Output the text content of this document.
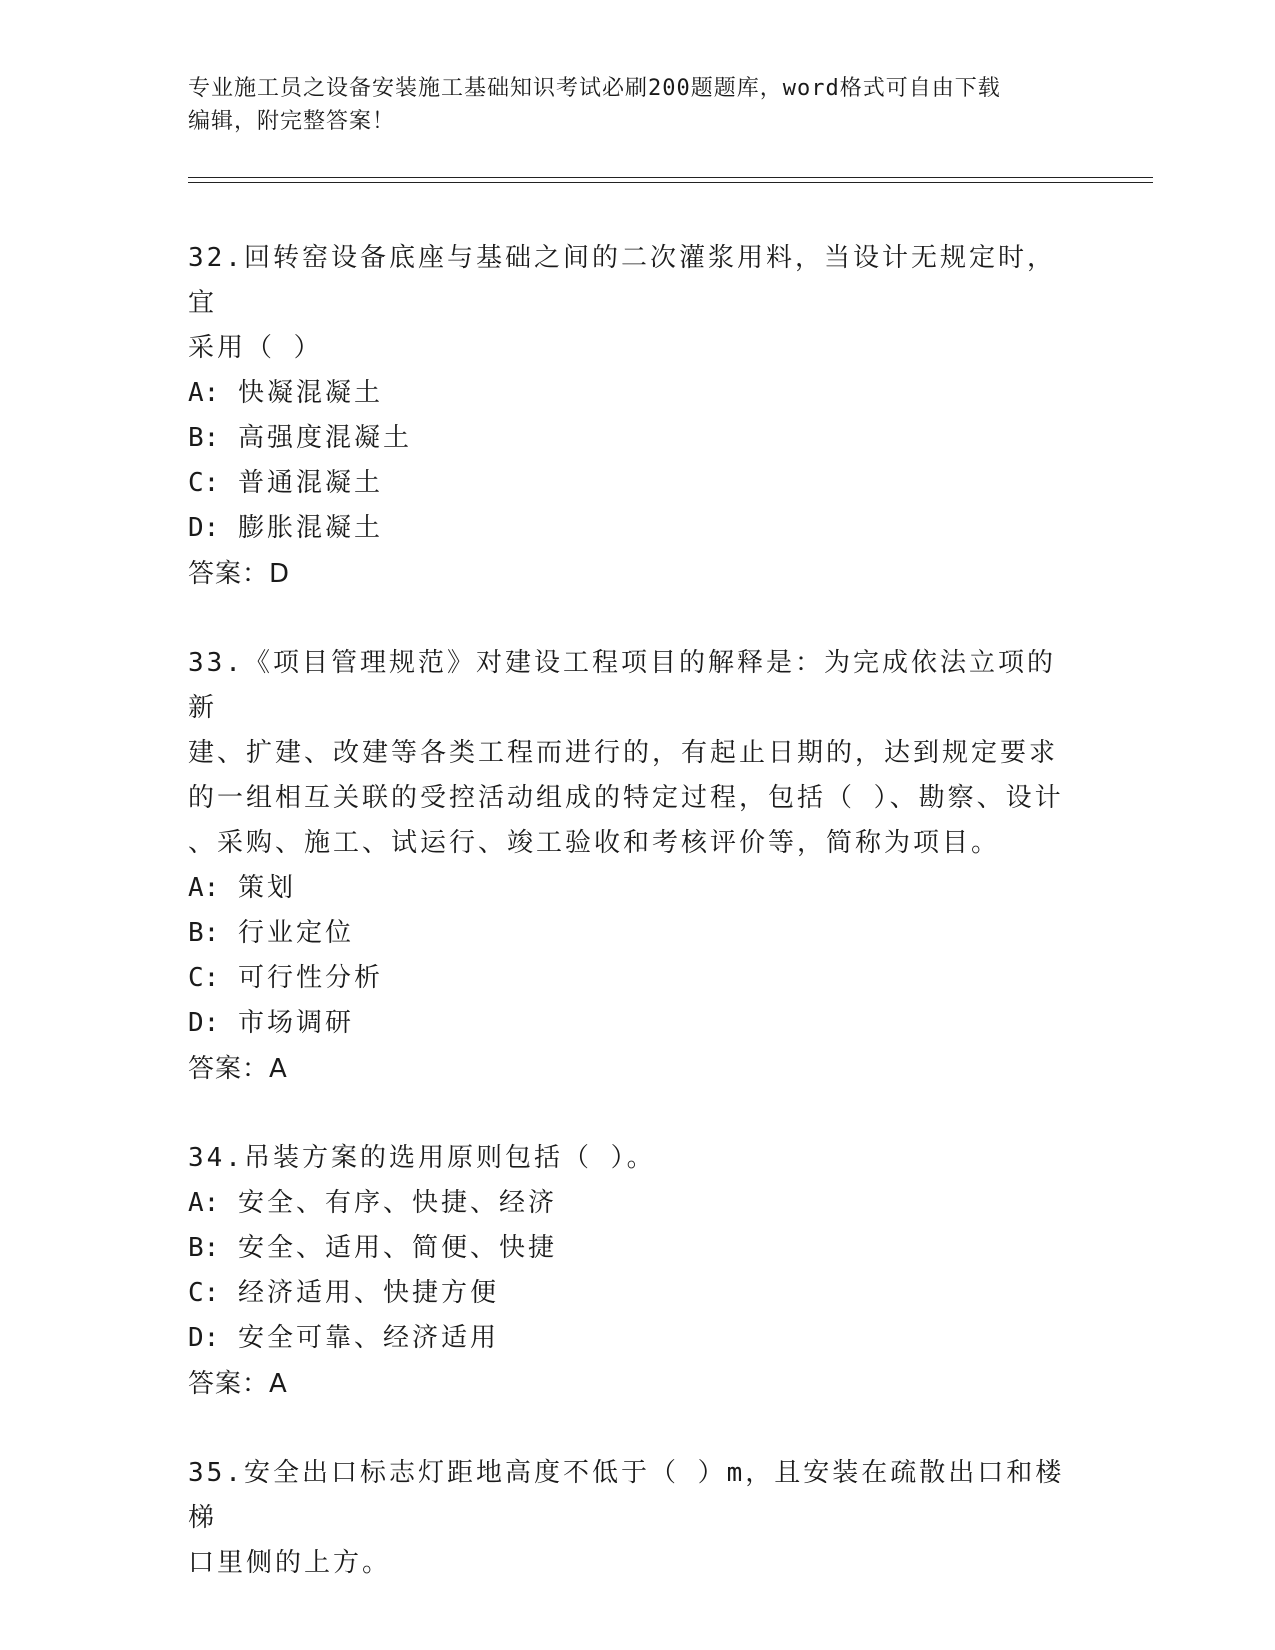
专业施工员之设备安装施工基础知识考试必刷200题题库，word格式可自由下载
编辑，附完整答案！

32.回转窑设备底座与基础之间的二次灌浆用料，当设计无规定时，宜

采用（ ）

A: 快凝混凝土

B: 高强度混凝土

C: 普通混凝土

D: 膨胀混凝土

答案：D

33.《项目管理规范》对建设工程项目的解释是：为完成依法立项的新

建、扩建、改建等各类工程而进行的，有起止日期的，达到规定要求

的一组相互关联的受控活动组成的特定过程，包括（ ）、勘察、设计

、采购、施工、试运行、竣工验收和考核评价等，简称为项目。

A: 策划

B: 行业定位

C: 可行性分析

D: 市场调研

答案：A

34.吊装方案的选用原则包括（ ）。

A: 安全、有序、快捷、经济

B: 安全、适用、简便、快捷

C: 经济适用、快捷方便

D: 安全可靠、经济适用

答案：A

35.安全出口标志灯距地高度不低于（ ）m，且安装在疏散出口和楼梯

口里侧的上方。
